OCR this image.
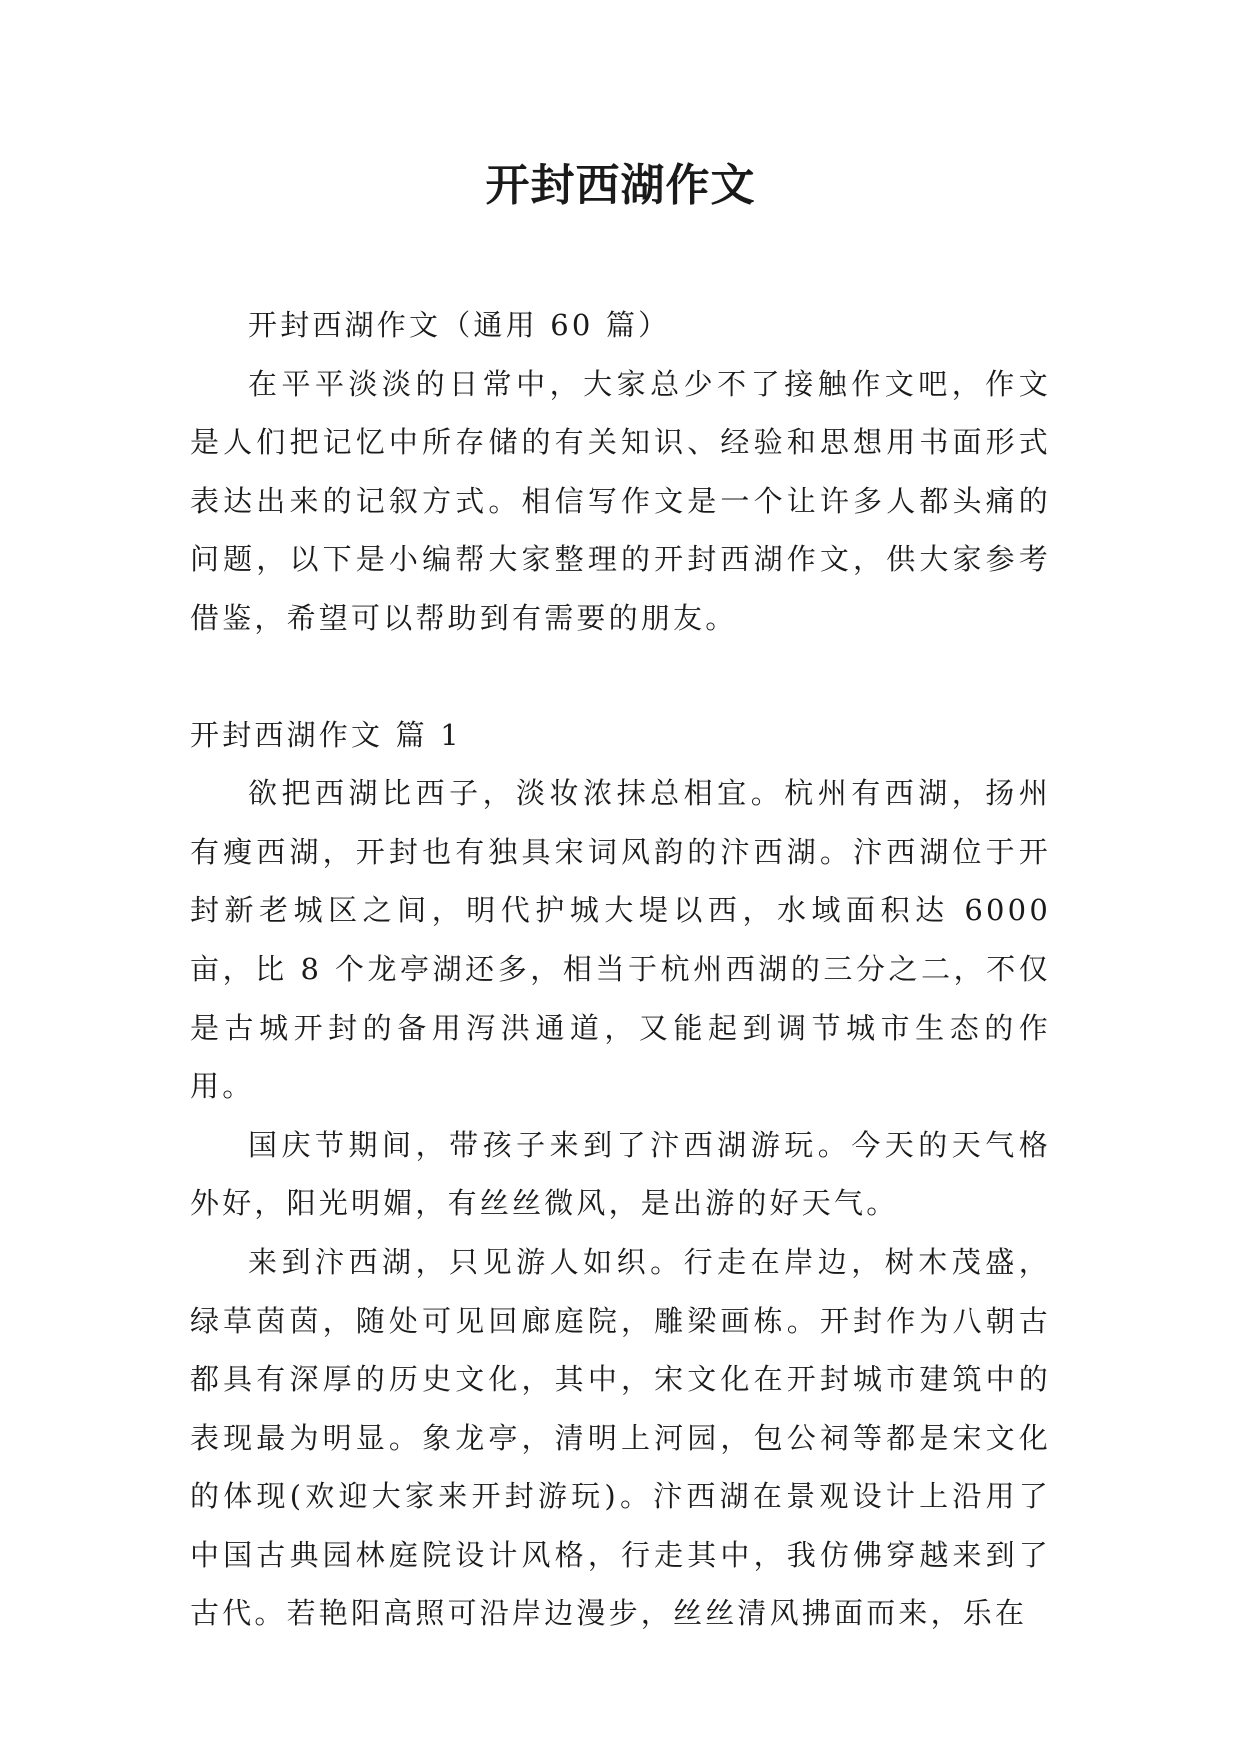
开封西湖作文

开封西湖作文（通用 60 篇）

在平平淡淡的日常中，大家总少不了接触作文吧，作文是人们把记忆中所存储的有关知识、经验和思想用书面形式表达出来的记叙方式。相信写作文是一个让许多人都头痛的问题，以下是小编帮大家整理的开封西湖作文，供大家参考借鉴，希望可以帮助到有需要的朋友。

开封西湖作文 篇 1

欲把西湖比西子，淡妆浓抹总相宜。杭州有西湖，扬州有瘦西湖，开封也有独具宋词风韵的汴西湖。汴西湖位于开封新老城区之间，明代护城大堤以西，水域面积达 6000 亩，比 8 个龙亭湖还多，相当于杭州西湖的三分之二，不仅是古城开封的备用泻洪通道，又能起到调节城市生态的作用。

国庆节期间，带孩子来到了汴西湖游玩。今天的天气格外好，阳光明媚，有丝丝微风，是出游的好天气。

来到汴西湖，只见游人如织。行走在岸边，树木茂盛，绿草茵茵，随处可见回廊庭院，雕梁画栋。开封作为八朝古都具有深厚的历史文化，其中，宋文化在开封城市建筑中的表现最为明显。象龙亭，清明上河园，包公祠等都是宋文化的体现(欢迎大家来开封游玩)。汴西湖在景观设计上沿用了中国古典园林庭院设计风格，行走其中，我仿佛穿越来到了古代。若艳阳高照可沿岸边漫步，丝丝清风拂面而来，乐在
